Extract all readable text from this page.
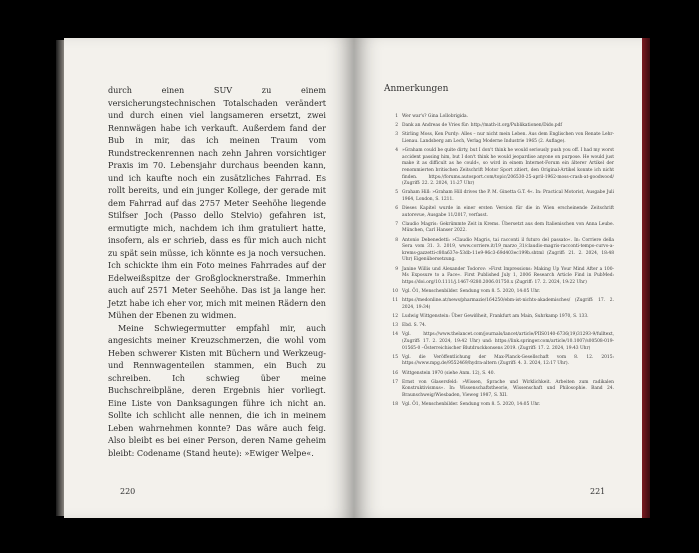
durch einen SUV zu einem versicherungstechnischen Totalschaden verändert und durch einen viel langsameren ersetzt, zwei Rennwägen habe ich verkauft. Außerdem fand der Bub in mir, das ich meinen Traum vom Rundstreckenrennen nach zehn Jahren vorsichtiger Praxis im 70. Lebensjahr durchaus beenden kann, und ich kaufte noch ein zusätzliches Fahrrad. Es rollt bereits, und ein junger Kollege, der gerade mit dem Fahrrad auf das 2757 Meter Seehöhe liegende Stilfser Joch (Passo dello Stelvio) gefahren ist, ermutigte mich, nachdem ich ihm gratuliert hatte, insofern, als er schrieb, dass es für mich auch nicht zu spät sein müsse, ich könnte es ja noch versuchen. Ich schickte ihm ein Foto meines Fahrrades auf der Edelweißspitze der Großglocknerstraße. Immerhin auch auf 2571 Meter Seehöhe. Das ist ja lange her. Jetzt habe ich eher vor, mich mit meinen Rädern den Mühen der Ebenen zu widmen.

Meine Schwiegermutter empfahl mir, auch angesichts meiner Kreuzschmerzen, die wohl vom Heben schwerer Kisten mit Büchern und Werkzeug- und Rennwagenteilen stammen, ein Buch zu schreiben. Ich schwieg über meine Buchschreibpläne, deren Ergebnis hier vorliegt. Eine Liste von Danksagungen führe ich nicht an. Sollte ich schlicht alle nennen, die ich in meinem Leben wahrnehmen konnte? Das wäre auch feig. Also bleibt es bei einer Person, deren Name geheim bleibt: Codename (Stand heute): »Ewiger Welpe«.

220
Anmerkungen
1 Wer war's? Gina Lollobrigida.
2 Dank an Andreas de Vries für: http://math-it.org/Publikationen/Dido.pdf
3 Stirling Moss, Ken Purdy: Alles – nur nicht mein Leben. Aus dem Englischen von Renate Lehr-Lienau. Landsberg am Lech, Verlag Moderne Industrie 1965 (2. Auflage).
4 »Graham could be quite dirty, but I don't think he would seriously push you off. I had my worst accident passing him, but I don't think he would jeopardise anyone on purpose. He would just make it as difficult as he could«, so wird in einem Internet-Forum ein älterer Artikel der renommierten britischen Zeitschrift Motor Sport zitiert, den Original-Artikel konnte ich nicht finden. https://forums.autosport.com/topic/206530-25-april-1962-moss-crash-at-goodwood/ (Zugriff: 22. 2. 2024, 11:27 Uhr)
5 Graham Hill: »Graham Hill drives the P. M. Ginetta G.T. 4«. In: Practical Motorist, Ausgabe Juli 1964, London, S. 1211.
6 Dieses Kapitel wurde in einer ersten Version für die in Wien erscheinende Zeitschrift autorevue, Ausgabe 11/2017, verfasst.
7 Claudio Magris: Gekrümmte Zeit in Krems. Übersetzt aus dem Italienischen von Anna Leube. München, Carl Hanser 2022.
8 Antonio Debenedetti: »Claudio Magris, tai racconti il futuro del passato«. In: Corriere della Sera vom 31. 3. 2019, www.corriere.it/19_marzo_31/claudio-magris-racconti-tempo-curvo-a-krems-gazzetti-c80a637e-53db-11e9-96c3-69d403ec199b.shtml (Zugriff: 21. 2. 2024, 18:48 Uhr) Eigenübersetzung.
9 Janine Willis und Alexander Todorov: »First Impressions: Making Up Your Mind After a 100-Ms Exposure to a Face«. First Published July 1, 2006 Research Article Find in PubMed: https://doi.org/10.1111/j.1467-9280.2006.01750.x (Zugriff: 17. 2. 2024, 19:22 Uhr)
10 Vgl. Ö1, Menschenbilder. Sendung vom 8. 5. 2020, 14:05 Uhr.
11 https://medonline.at/news/pharmazie/164250/ebm-ist-nichts-akademisches/ (Zugriff: 17. 2. 2024, 19:34)
12 Ludwig Wittgenstein: Über Gewißheit, Frankfurt am Main, Suhrkamp 1970, S. 133.
13 Ebd. S. 74.
14 Vgl. https://www.thelancet.com/journals/lancet/article/PIIS0140-6736(19)31293-9/fulltext, (Zugriff: 17. 2. 2024, 19:42 Uhr) und: https://link.springer.com/article/10.1007/s00508-019-01565-0 –Österreichischer Blutdruckkonsens 2019. (Zugriff: 17. 2. 2024, 19:43 Uhr)
15 Vgl. die Veröffentlichung der Max-Planck-Gesellschaft vom 8. 12. 2015: https://www.mpg.de/9552469/hydra-altern (Zugriff: 4. 3. 2024, 12:17 Uhr).
16 Wittgenstein 1970 (siehe Anm. 12), S. 40.
17 Ernst von Glasersfeld: »Wissen, Sprache und Wirklichkeit. Arbeiten zum radikalen Konstruktivismus«. In: Wissenschaftstheorie, Wissenschaft und Philosophie. Band 24. Braunschweig/Wiesbaden, Vieweg 1987, S. XII.
18 Vgl. Ö1, Menschenbilder. Sendung vom 8. 5. 2020, 14:05 Uhr.
221
